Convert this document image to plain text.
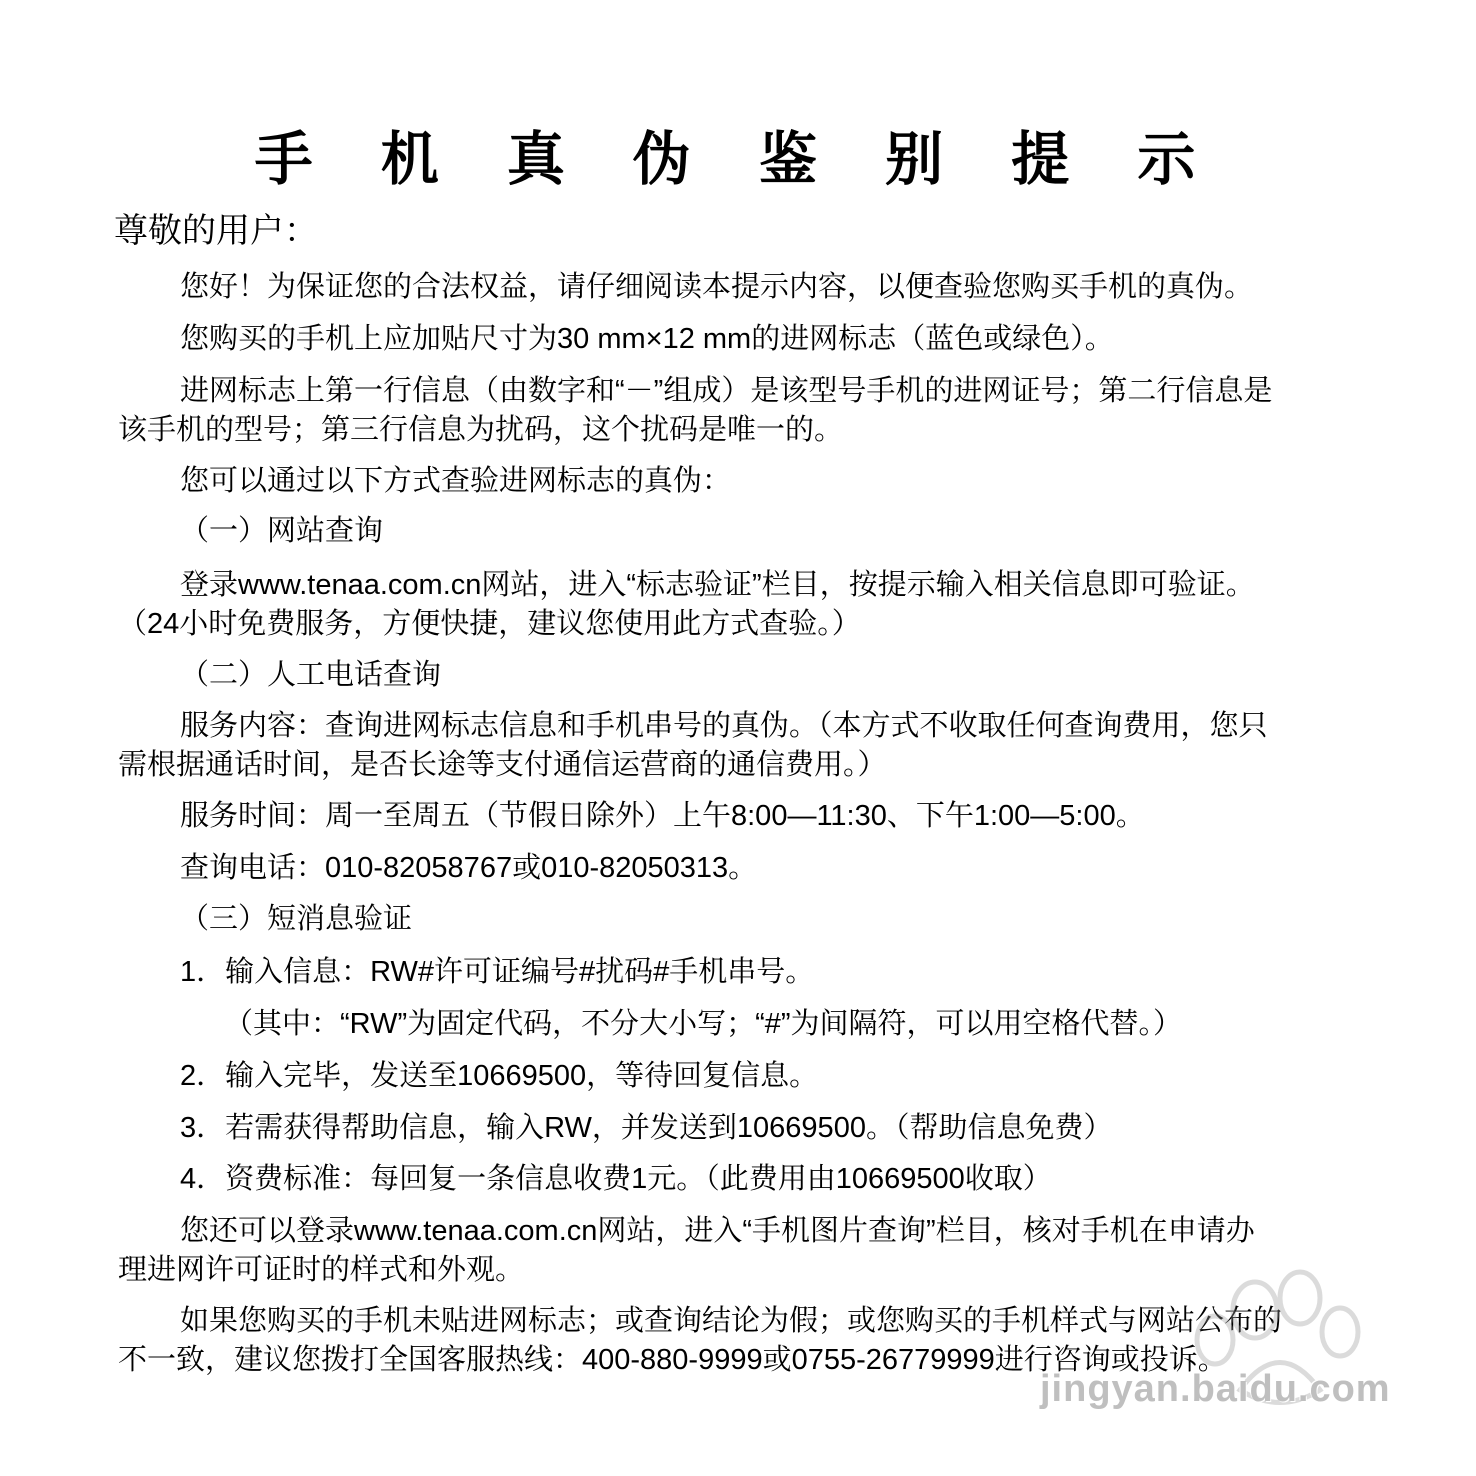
手 机 真 伪 鉴 别 提 示
尊敬的用户：
您好！为保证您的合法权益，请仔细阅读本提示内容，以便查验您购买手机的真伪。
您购买的手机上应加贴尺寸为30 mm×12 mm的进网标志（蓝色或绿色）。
进网标志上第一行信息（由数字和“－”组成）是该型号手机的进网证号；第二行信息是
该手机的型号；第三行信息为扰码，这个扰码是唯一的。
您可以通过以下方式查验进网标志的真伪：
（一）网站查询
登录www.tenaa.com.cn网站，进入“标志验证”栏目，按提示输入相关信息即可验证。
（24小时免费服务，方便快捷，建议您使用此方式查验。）
（二）人工电话查询
服务内容：查询进网标志信息和手机串号的真伪。（本方式不收取任何查询费用，您只
需根据通话时间，是否长途等支付通信运营商的通信费用。）
服务时间：周一至周五（节假日除外）上午8:00—11:30、下午1:00—5:00。
查询电话：010-82058767或010-82050313。
（三）短消息验证
1．输入信息：RW#许可证编号#扰码#手机串号。
（其中：“RW”为固定代码，不分大小写；“#”为间隔符，可以用空格代替。）
2．输入完毕，发送至10669500，等待回复信息。
3．若需获得帮助信息，输入RW，并发送到10669500。（帮助信息免费）
4．资费标准：每回复一条信息收费1元。（此费用由10669500收取）
您还可以登录www.tenaa.com.cn网站，进入“手机图片查询”栏目，核对手机在申请办
理进网许可证时的样式和外观。
如果您购买的手机未贴进网标志；或查询结论为假；或您购买的手机样式与网站公布的
不一致，建议您拨打全国客服热线：400-880-9999或0755-26779999进行咨询或投诉。
jingyan.baidu.com
